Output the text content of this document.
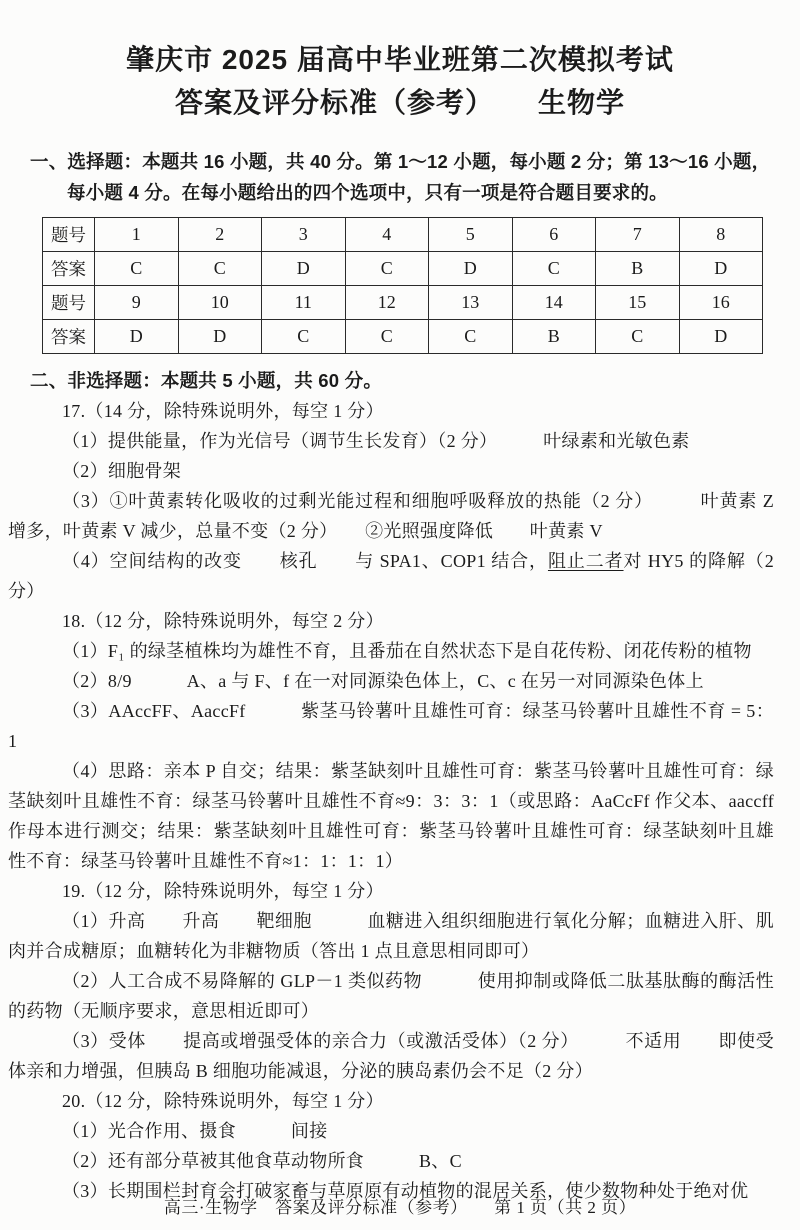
肇庆市 2025 届高中毕业班第二次模拟考试
答案及评分标准（参考）　　生物学
一、选择题：本题共 16 小题，共 40 分。第 1～12 小题，每小题 2 分；第 13～16 小题，每小题 4 分。在每小题给出的四个选项中，只有一项是符合题目要求的。
题号	1	2	3	4	5	6	7	8
答案	C	C	D	C	D	C	B	D
题号	9	10	11	12	13	14	15	16
答案	D	D	C	C	C	B	C	D
二、非选择题：本题共 5 小题，共 60 分。

17.（14 分，除特殊说明外，每空 1 分）

（1）提供能量，作为光信号（调节生长发育）（2 分）　　　叶绿素和光敏色素

（2）细胞骨架

（3）①叶黄素转化吸收的过剩光能过程和细胞呼吸释放的热能（2 分）　　　叶黄素 Z 增多，叶黄素 V 减少，总量不变（2 分）　　②光照强度降低　　叶黄素 V

（4）空间结构的改变　　核孔　　与 SPA1、COP1 结合，阻止二者对 HY5 的降解（2 分）

18.（12 分，除特殊说明外，每空 2 分）

（1）F₁ 的绿茎植株均为雄性不育，且番茄在自然状态下是自花传粉、闭花传粉的植物

（2）8/9　　　A、a 与 F、f 在一对同源染色体上，C、c 在另一对同源染色体上

（3）AAccFF、AaccFf　　　紫茎马铃薯叶且雄性可育：绿茎马铃薯叶且雄性不育 = 5：1

（4）思路：亲本 P 自交；结果：紫茎缺刻叶且雄性可育：紫茎马铃薯叶且雄性可育：绿茎缺刻叶且雄性不育：绿茎马铃薯叶且雄性不育≈9：3：3：1（或思路：AaCcFf 作父本、aaccff 作母本进行测交；结果：紫茎缺刻叶且雄性可育：紫茎马铃薯叶且雄性可育：绿茎缺刻叶且雄性不育：绿茎马铃薯叶且雄性不育≈1：1：1：1）

19.（12 分，除特殊说明外，每空 1 分）

（1）升高　　升高　　靶细胞　　　血糖进入组织细胞进行氧化分解；血糖进入肝、肌肉并合成糖原；血糖转化为非糖物质（答出 1 点且意思相同即可）

（2）人工合成不易降解的 GLP－1 类似药物　　　使用抑制或降低二肽基肽酶的酶活性的药物（无顺序要求，意思相近即可）

（3）受体　　提高或增强受体的亲合力（或激活受体）（2 分）　　　不适用　　即使受体亲和力增强，但胰岛 B 细胞功能减退，分泌的胰岛素仍会不足（2 分）

20.（12 分，除特殊说明外，每空 1 分）

（1）光合作用、摄食　　　间接

（2）还有部分草被其他食草动物所食　　　B、C

（3）长期围栏封育会打破家畜与草原原有动植物的混居关系，使少数物种处于绝对优

高三·生物学　答案及评分标准（参考）　　第 1 页（共 2 页）
